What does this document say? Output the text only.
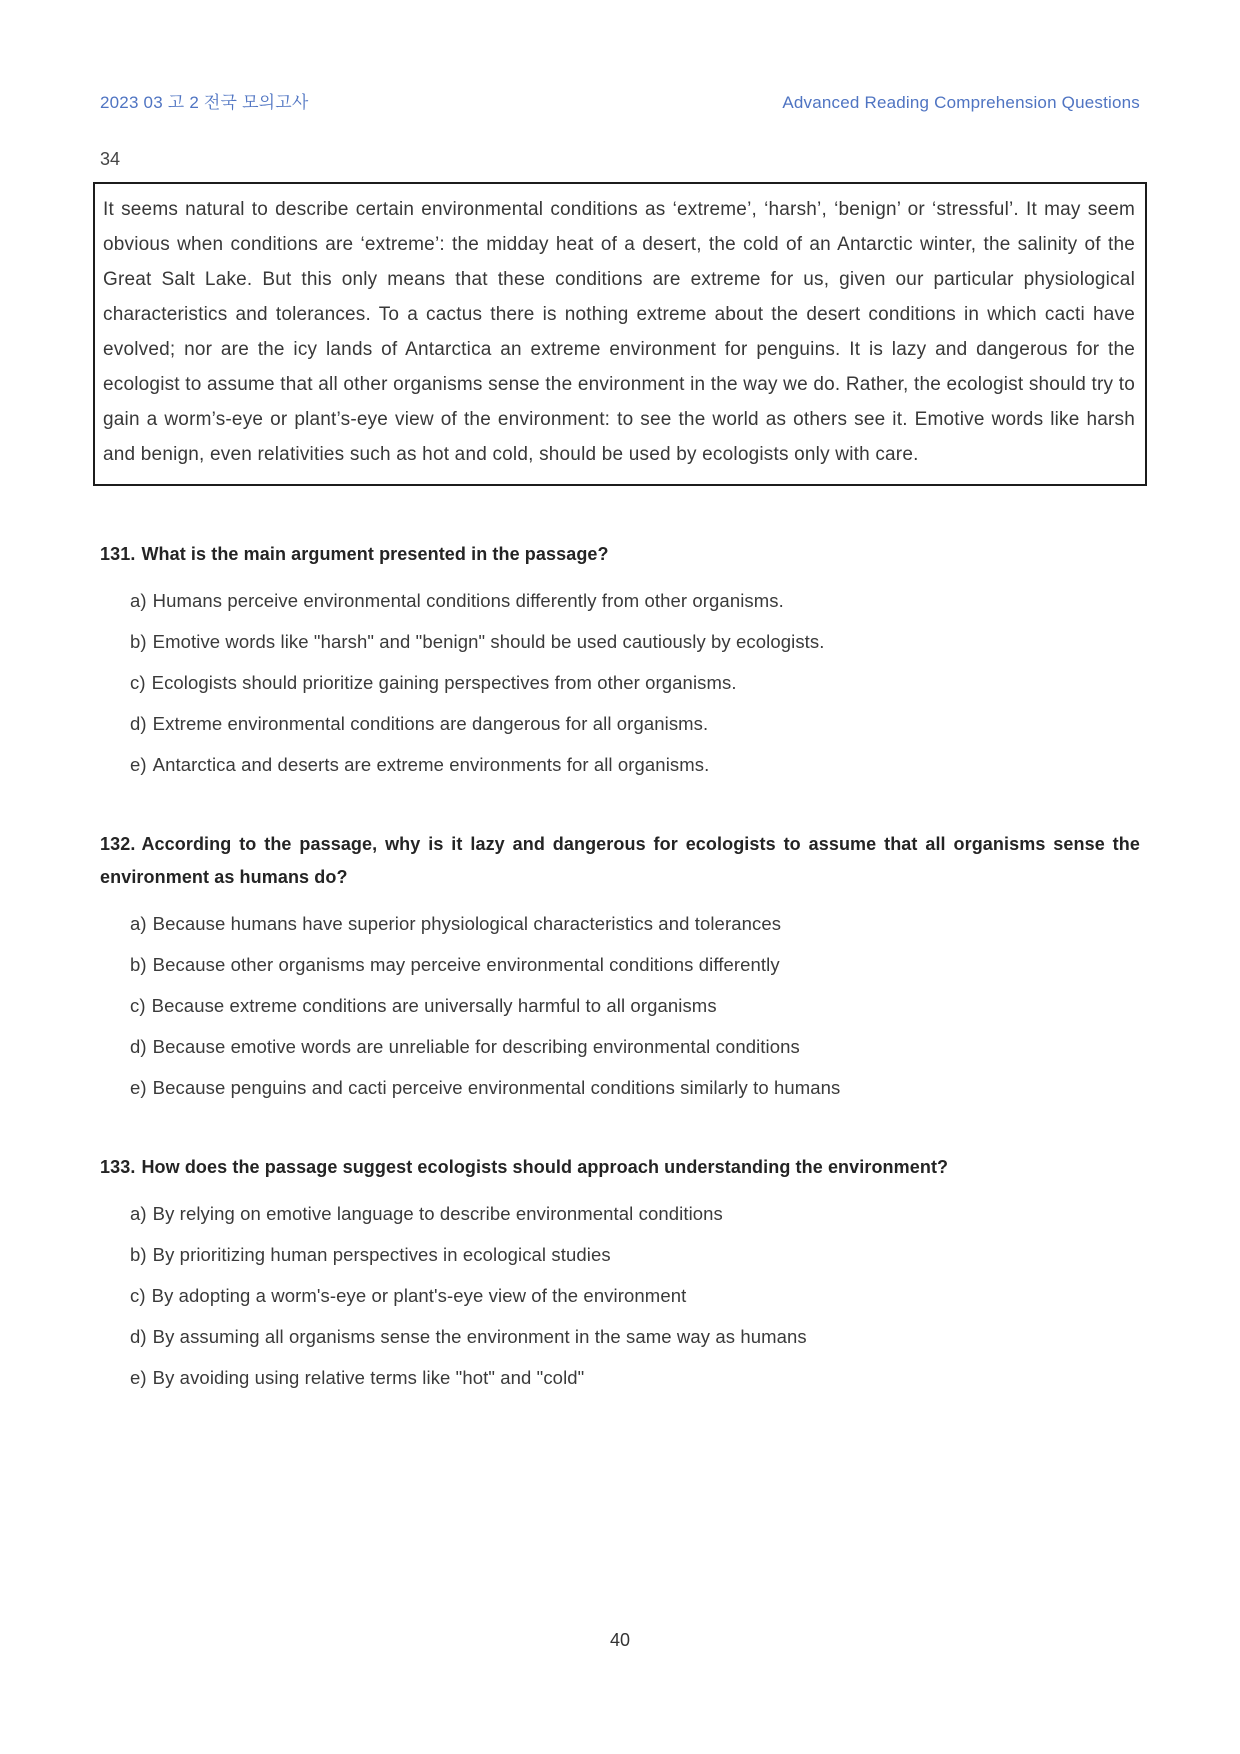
2023 03 고 2 전국 모의고사	Advanced Reading Comprehension Questions
34
It seems natural to describe certain environmental conditions as ‘extreme’, ‘harsh’, ‘benign’ or ‘stressful’. It may seem obvious when conditions are ‘extreme’: the midday heat of a desert, the cold of an Antarctic winter, the salinity of the Great Salt Lake. But this only means that these conditions are extreme for us, given our particular physiological characteristics and tolerances. To a cactus there is nothing extreme about the desert conditions in which cacti have evolved; nor are the icy lands of Antarctica an extreme environment for penguins. It is lazy and dangerous for the ecologist to assume that all other organisms sense the environment in the way we do. Rather, the ecologist should try to gain a worm’s-eye or plant’s-eye view of the environment: to see the world as others see it. Emotive words like harsh and benign, even relativities such as hot and cold, should be used by ecologists only with care.
131. What is the main argument presented in the passage?
a) Humans perceive environmental conditions differently from other organisms.
b) Emotive words like "harsh" and "benign" should be used cautiously by ecologists.
c) Ecologists should prioritize gaining perspectives from other organisms.
d) Extreme environmental conditions are dangerous for all organisms.
e) Antarctica and deserts are extreme environments for all organisms.
132. According to the passage, why is it lazy and dangerous for ecologists to assume that all organisms sense the environment as humans do?
a) Because humans have superior physiological characteristics and tolerances
b) Because other organisms may perceive environmental conditions differently
c) Because extreme conditions are universally harmful to all organisms
d) Because emotive words are unreliable for describing environmental conditions
e) Because penguins and cacti perceive environmental conditions similarly to humans
133. How does the passage suggest ecologists should approach understanding the environment?
a) By relying on emotive language to describe environmental conditions
b) By prioritizing human perspectives in ecological studies
c) By adopting a worm's-eye or plant's-eye view of the environment
d) By assuming all organisms sense the environment in the same way as humans
e) By avoiding using relative terms like "hot" and "cold"
40
